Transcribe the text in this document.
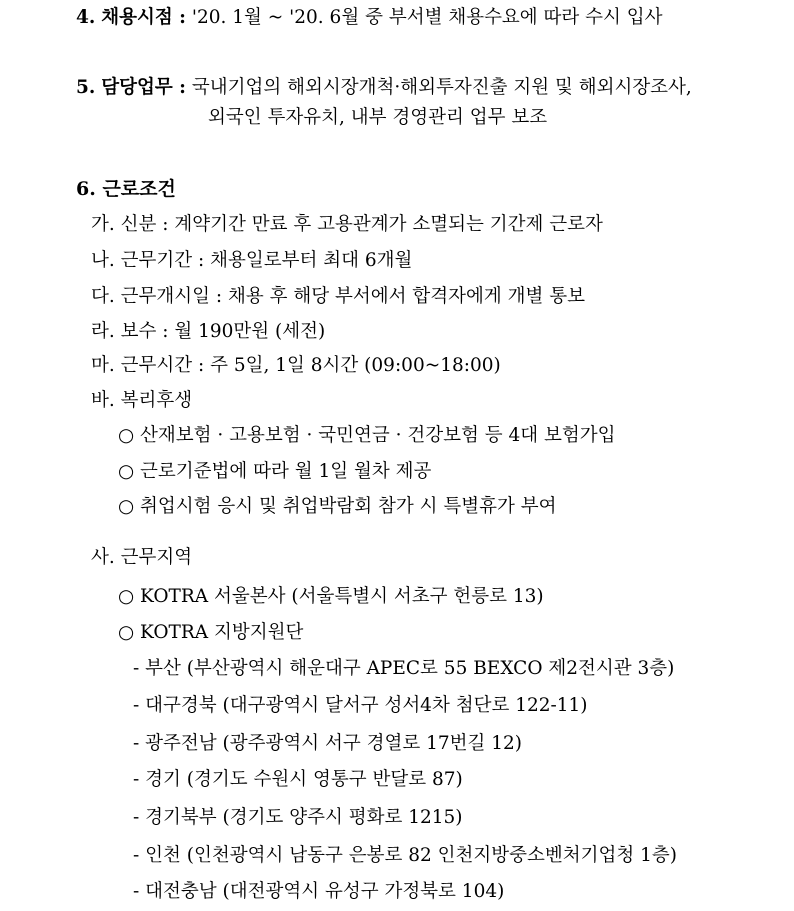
4. 채용시점 : '20. 1월 ~ '20. 6월 중 부서별 채용수요에 따라 수시 입사
5. 담당업무 : 국내기업의 해외시장개척·해외투자진출 지원 및 해외시장조사,
외국인 투자유치, 내부 경영관리 업무 보조
6. 근로조건
가. 신분 : 계약기간 만료 후 고용관계가 소멸되는 기간제 근로자
나. 근무기간 : 채용일로부터 최대 6개월
다. 근무개시일 : 채용 후 해당 부서에서 합격자에게 개별 통보
라. 보수 : 월 190만원 (세전)
마. 근무시간 : 주 5일, 1일 8시간 (09:00~18:00)
바. 복리후생
○ 산재보험 · 고용보험 · 국민연금 · 건강보험 등 4대 보험가입
○ 근로기준법에 따라 월 1일 월차 제공
○ 취업시험 응시 및 취업박람회 참가 시 특별휴가 부여
사. 근무지역
○ KOTRA 서울본사 (서울특별시 서초구 헌릉로 13)
○ KOTRA 지방지원단
- 부산 (부산광역시 해운대구 APEC로 55 BEXCO 제2전시관 3층)
- 대구경북 (대구광역시 달서구 성서4차 첨단로 122-11)
- 광주전남 (광주광역시 서구 경열로 17번길 12)
- 경기 (경기도 수원시 영통구 반달로 87)
- 경기북부 (경기도 양주시 평화로 1215)
- 인천 (인천광역시 남동구 은봉로 82 인천지방중소벤처기업청 1층)
- 대전충남 (대전광역시 유성구 가정북로 104)
